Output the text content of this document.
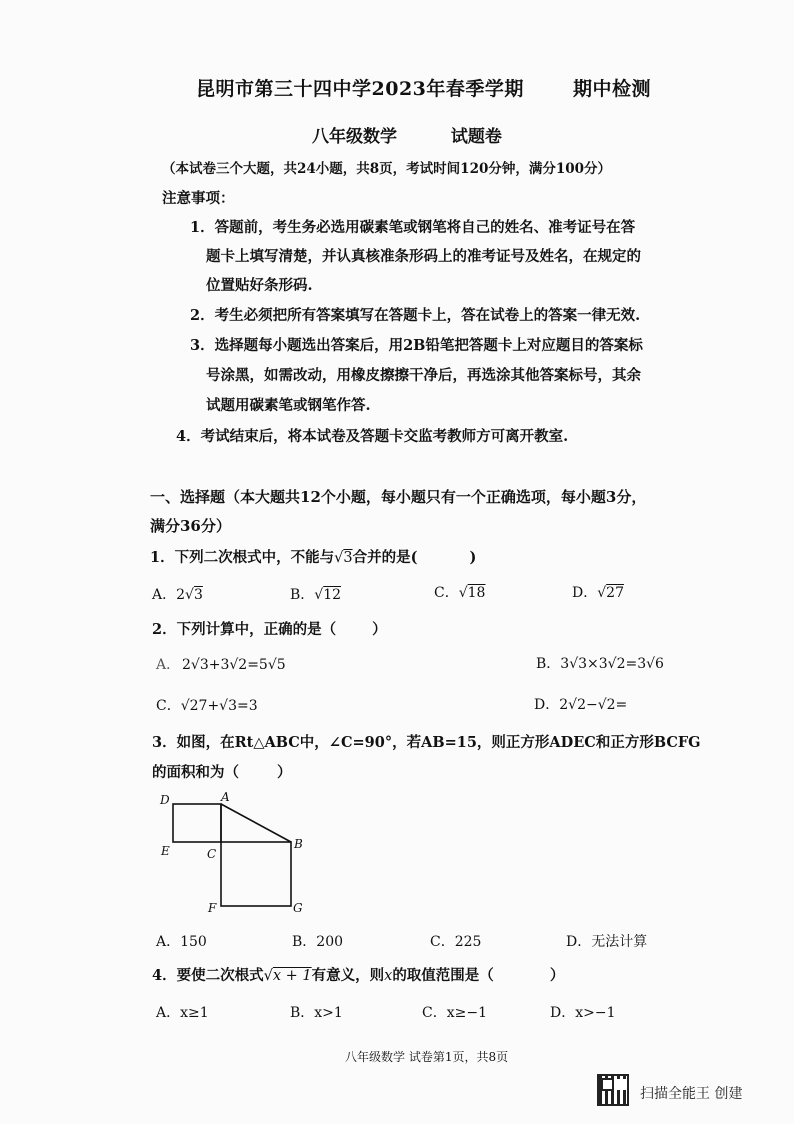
昆明市第三十四中学2023年春季学期	期中检测
八年级数学	试题卷
（本试卷三个大题，共24小题，共8页，考试时间120分钟，满分100分）
注意事项：
1．答题前，考生务必选用碳素笔或钢笔将自己的姓名、准考证号在答
题卡上填写清楚，并认真核准条形码上的准考证号及姓名，在规定的
位置贴好条形码.
2．考生必须把所有答案填写在答题卡上，答在试卷上的答案一律无效.
3．选择题每小题选出答案后，用2B铅笔把答题卡上对应题目的答案标
号涂黑，如需改动，用橡皮擦擦干净后，再选涂其他答案标号，其余
试题用碳素笔或钢笔作答.
4．考试结束后，将本试卷及答题卡交监考教师方可离开教室.
一、选择题（本大题共12个小题，每小题只有一个正确选项，每小题3分，
满分36分）
1．下列二次根式中，不能与√3合并的是(	)
A．2√3	B．√12	C．√18	D．√27
2．下列计算中，正确的是（ ）
A． 2√3+3√2=5√5	B．3√3×3√2=3√6
C．√27+√3=3	D．2√2−√2=
3．如图，在Rt△ABC中，∠C=90°，若AB=15，则正方形ADEC和正方形BCFG
的面积和为（	）
D	A
E	C
B
F	G
A．150	B．200	C．225	D．无法计算
4．要使二次根式√x + 1有意义，则x的取值范围是（	）
A．x≥1	B．x>1	C．x≥−1	D．x>−1
八年级数学 试卷第1页，共8页
扫描全能王 创建
